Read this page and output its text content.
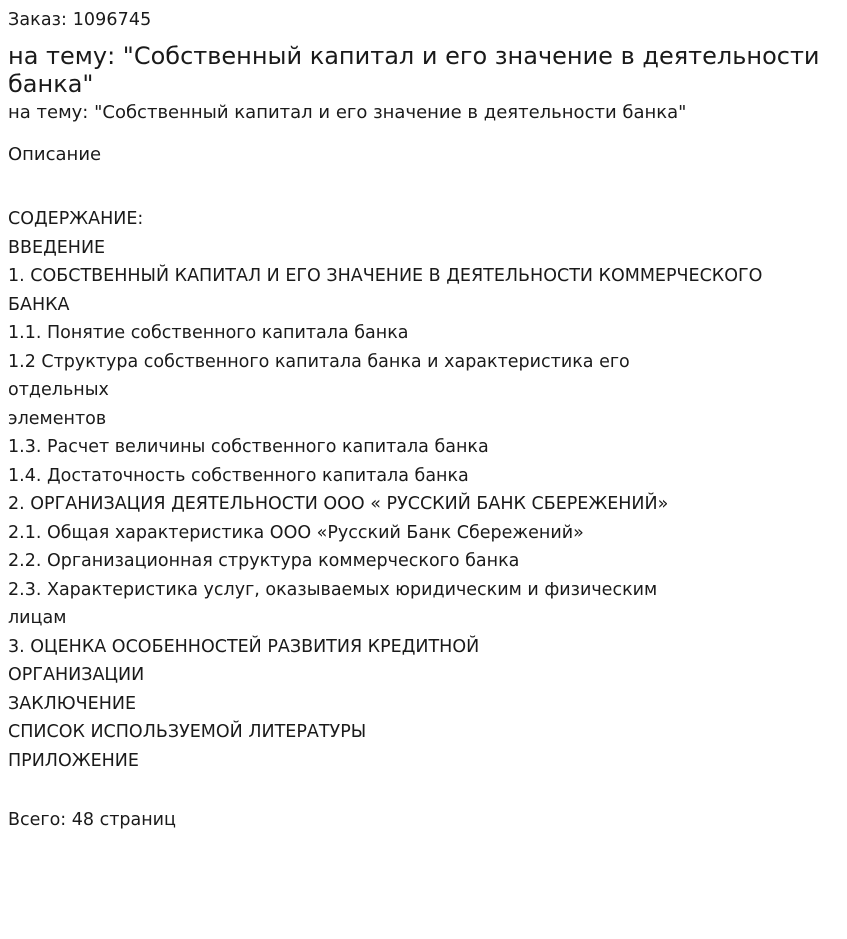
Заказ: 1096745
на тему: "Собственный капитал и его значение в деятельности банка"
на тему: "Собственный капитал и его значение в деятельности банка"
Описание
СОДЕРЖАНИЕ:
ВВЕДЕНИЕ
1. СОБСТВЕННЫЙ КАПИТАЛ И ЕГО ЗНАЧЕНИЕ В ДЕЯТЕЛЬНОСТИ КОММЕРЧЕСКОГО
БАНКА
1.1. Понятие собственного капитала банка
1.2 Структура собственного капитала банка и характеристика его
отдельных
элементов
1.3. Расчет величины собственного капитала банка
1.4. Достаточность собственного капитала банка
2. ОРГАНИЗАЦИЯ ДЕЯТЕЛЬНОСТИ ООО « РУССКИЙ БАНК СБЕРЕЖЕНИЙ»
2.1. Общая характеристика ООО «Русский Банк Сбережений»
2.2. Организационная структура коммерческого банка
2.3. Характеристика услуг, оказываемых юридическим и физическим
лицам
3. ОЦЕНКА ОСОБЕННОСТЕЙ РАЗВИТИЯ КРЕДИТНОЙ
ОРГАНИЗАЦИИ
ЗАКЛЮЧЕНИЕ
СПИСОК ИСПОЛЬЗУЕМОЙ ЛИТЕРАТУРЫ
ПРИЛОЖЕНИЕ
Всего: 48 страниц
